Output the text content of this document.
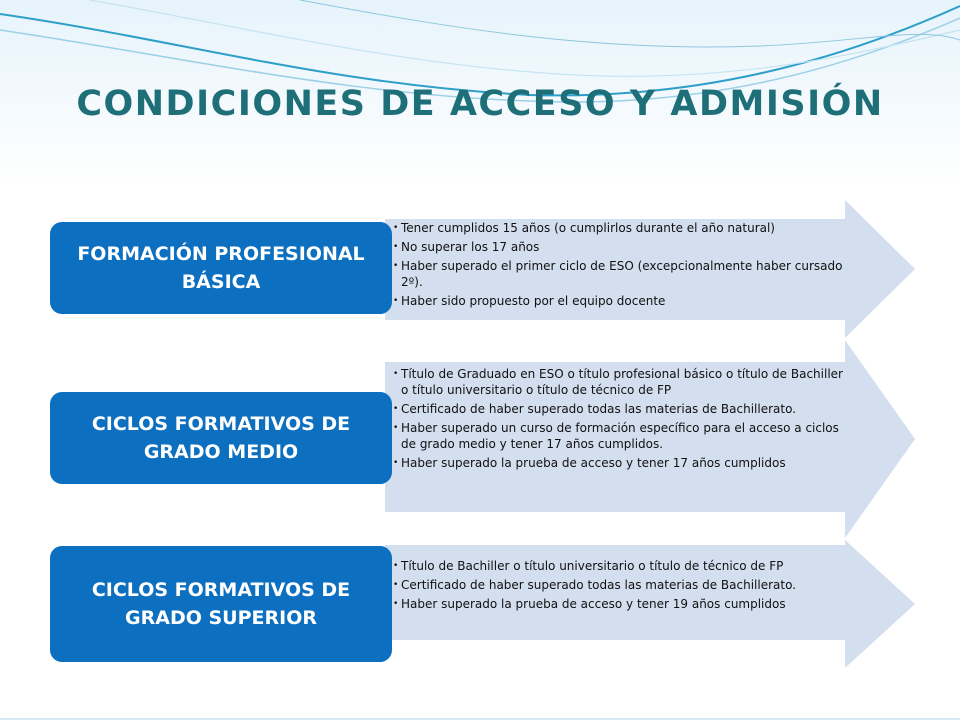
CONDICIONES DE ACCESO Y ADMISIÓN
• Tener cumplidos 15 años (o cumplirlos durante el año natural)
• No superar los 17 años
• Haber superado el primer ciclo de ESO (excepcionalmente haber cursado 2º).
• Haber sido propuesto por el equipo docente
FORMACIÓN PROFESIONAL BÁSICA
• Título de Graduado en ESO o título profesional básico o título de Bachiller o título universitario o título de técnico de FP
• Certificado de haber superado todas las materias de Bachillerato.
• Haber superado un curso de formación específico para el acceso a ciclos de grado medio y tener 17 años cumplidos.
• Haber superado la prueba de acceso y tener 17 años cumplidos
CICLOS FORMATIVOS DE GRADO MEDIO
• Título de Bachiller o título universitario o título de técnico de FP
• Certificado de haber superado todas las materias de Bachillerato.
• Haber superado la prueba de acceso y tener 19 años cumplidos
CICLOS FORMATIVOS DE GRADO SUPERIOR
